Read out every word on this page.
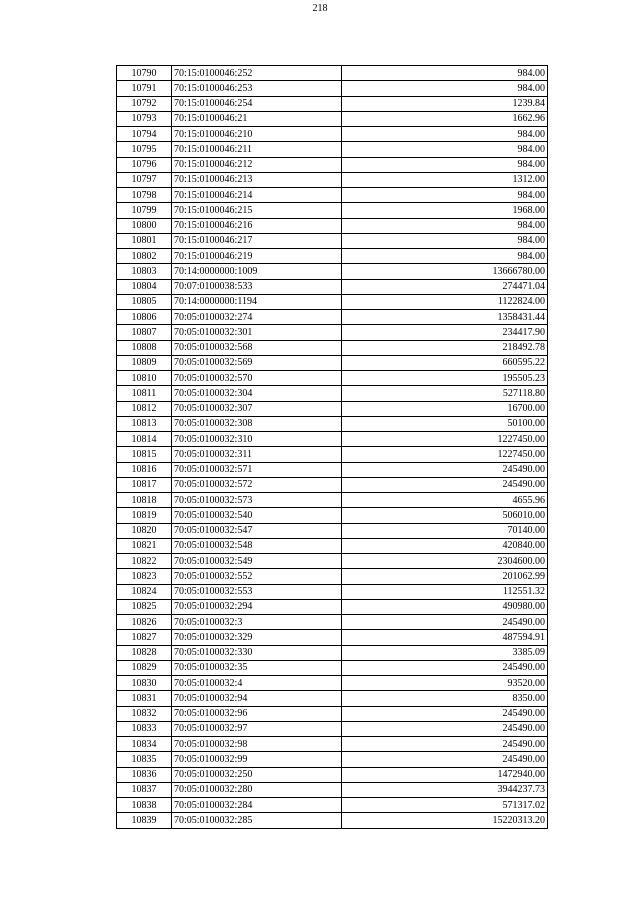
218
10790	70:15:0100046:252	984.00
10791	70:15:0100046:253	984.00
10792	70:15:0100046:254	1239.84
10793	70:15:0100046:21	1662.96
10794	70:15:0100046:210	984.00
10795	70:15:0100046:211	984.00
10796	70:15:0100046:212	984.00
10797	70:15:0100046:213	1312.00
10798	70:15:0100046:214	984.00
10799	70:15:0100046:215	1968.00
10800	70:15:0100046:216	984.00
10801	70:15:0100046:217	984.00
10802	70:15:0100046:219	984.00
10803	70:14:0000000:1009	13666780.00
10804	70:07:0100038:533	274471.04
10805	70:14:0000000:1194	1122824.00
10806	70:05:0100032:274	1358431.44
10807	70:05:0100032:301	234417.90
10808	70:05:0100032:568	218492.78
10809	70:05:0100032:569	660595.22
10810	70:05:0100032:570	195505.23
10811	70:05:0100032:304	527118.80
10812	70:05:0100032:307	16700.00
10813	70:05:0100032:308	50100.00
10814	70:05:0100032:310	1227450.00
10815	70:05:0100032:311	1227450.00
10816	70:05:0100032:571	245490.00
10817	70:05:0100032:572	245490.00
10818	70:05:0100032:573	4655.96
10819	70:05:0100032:540	506010.00
10820	70:05:0100032:547	70140.00
10821	70:05:0100032:548	420840.00
10822	70:05:0100032:549	2304600.00
10823	70:05:0100032:552	201062.99
10824	70:05:0100032:553	112551.32
10825	70:05:0100032:294	490980.00
10826	70:05:0100032:3	245490.00
10827	70:05:0100032:329	487594.91
10828	70:05:0100032:330	3385.09
10829	70:05:0100032:35	245490.00
10830	70:05:0100032:4	93520.00
10831	70:05:0100032:94	8350.00
10832	70:05:0100032:96	245490.00
10833	70:05:0100032:97	245490.00
10834	70:05:0100032:98	245490.00
10835	70:05:0100032:99	245490.00
10836	70:05:0100032:250	1472940.00
10837	70:05:0100032:280	3944237.73
10838	70:05:0100032:284	571317.02
10839	70:05:0100032:285	15220313.20
